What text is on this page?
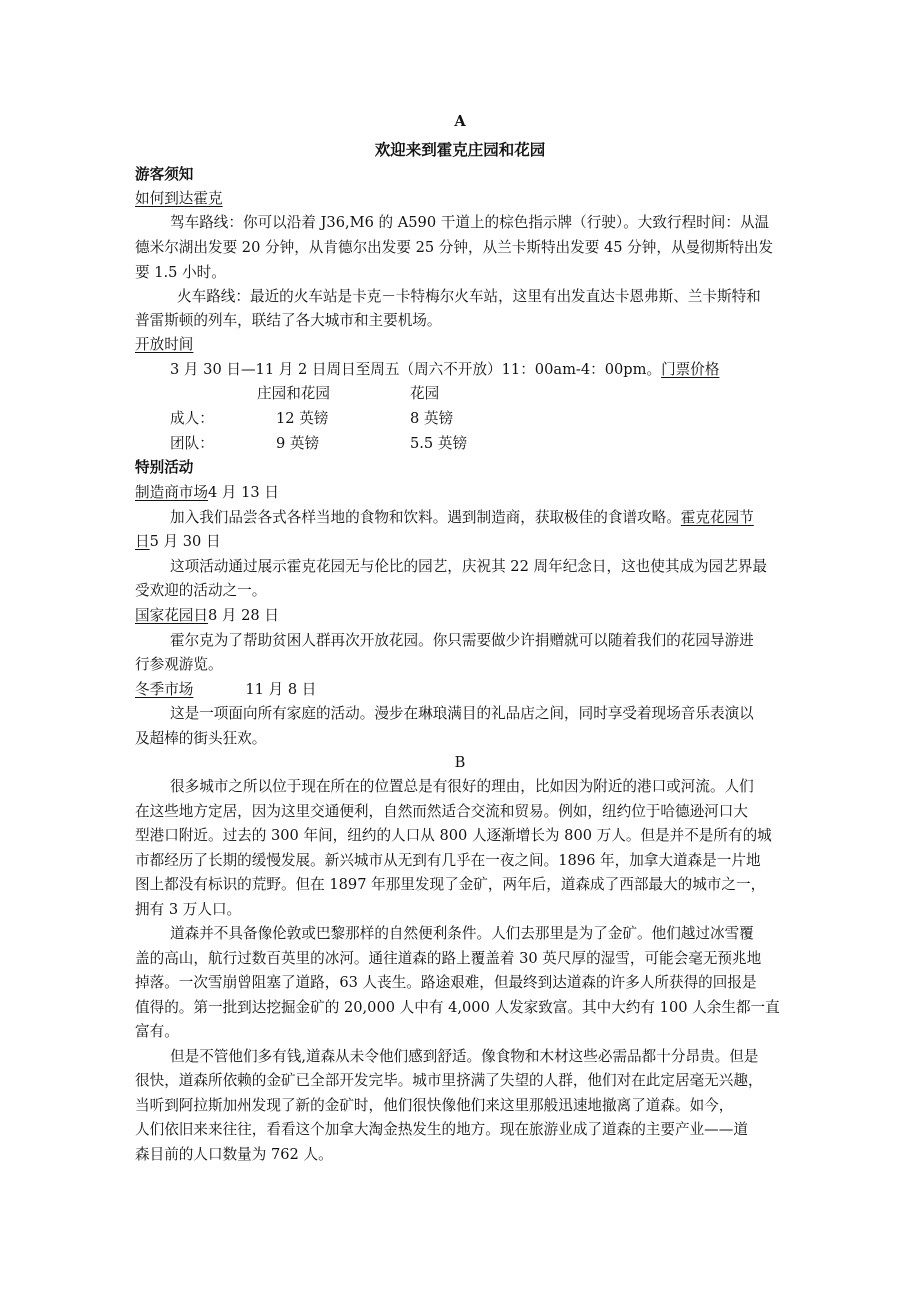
A
欢迎来到霍克庄园和花园
游客须知
如何到达霍克
驾车路线：你可以沿着 J36,M6 的 A590 干道上的棕色指示牌（行驶）。大致行程时间：从温
德米尔湖出发要 20 分钟，从肯德尔出发要 25 分钟，从兰卡斯特出发要 45 分钟，从曼彻斯特出发
要 1.5 小时。
火车路线：最近的火车站是卡克－卡特梅尔火车站，这里有出发直达卡恩弗斯、兰卡斯特和
普雷斯顿的列车，联结了各大城市和主要机场。
开放时间
3 月 30 日—11 月 2 日周日至周五（周六不开放）11：00am-4：00pm。门票价格
庄园和花园	花园
成人：	12 英镑	8 英镑
团队：	9 英镑	5.5 英镑
特别活动
制造商市场4 月 13 日
加入我们品尝各式各样当地的食物和饮料。遇到制造商，获取极佳的食谱攻略。霍克花园节
日5 月 30 日
这项活动通过展示霍克花园无与伦比的园艺，庆祝其 22 周年纪念日，这也使其成为园艺界最
受欢迎的活动之一。
国家花园日8 月 28 日
霍尔克为了帮助贫困人群再次开放花园。你只需要做少许捐赠就可以随着我们的花园导游进
行参观游览。
冬季市场	11 月 8 日
这是一项面向所有家庭的活动。漫步在琳琅满目的礼品店之间，同时享受着现场音乐表演以
及超棒的街头狂欢。
B
很多城市之所以位于现在所在的位置总是有很好的理由，比如因为附近的港口或河流。人们
在这些地方定居，因为这里交通便利，自然而然适合交流和贸易。例如，纽约位于哈德逊河口大
型港口附近。过去的 300 年间，纽约的人口从 800 人逐渐增长为 800 万人。但是并不是所有的城
市都经历了长期的缓慢发展。新兴城市从无到有几乎在一夜之间。1896 年，加拿大道森是一片地
图上都没有标识的荒野。但在 1897 年那里发现了金矿，两年后，道森成了西部最大的城市之一，
拥有 3 万人口。
道森并不具备像伦敦或巴黎那样的自然便利条件。人们去那里是为了金矿。他们越过冰雪覆
盖的高山，航行过数百英里的冰河。通往道森的路上覆盖着 30 英尺厚的湿雪，可能会毫无预兆地
掉落。一次雪崩曾阻塞了道路，63 人丧生。路途艰难，但最终到达道森的许多人所获得的回报是
值得的。第一批到达挖掘金矿的 20,000 人中有 4,000 人发家致富。其中大约有 100 人余生都一直
富有。
但是不管他们多有钱,道森从未令他们感到舒适。像食物和木材这些必需品都十分昂贵。但是
很快，道森所依赖的金矿已全部开发完毕。城市里挤满了失望的人群，他们对在此定居毫无兴趣，
当听到阿拉斯加州发现了新的金矿时，他们很快像他们来这里那般迅速地撤离了道森。如今，
人们依旧来来往往，看看这个加拿大淘金热发生的地方。现在旅游业成了道森的主要产业——道
森目前的人口数量为 762 人。
